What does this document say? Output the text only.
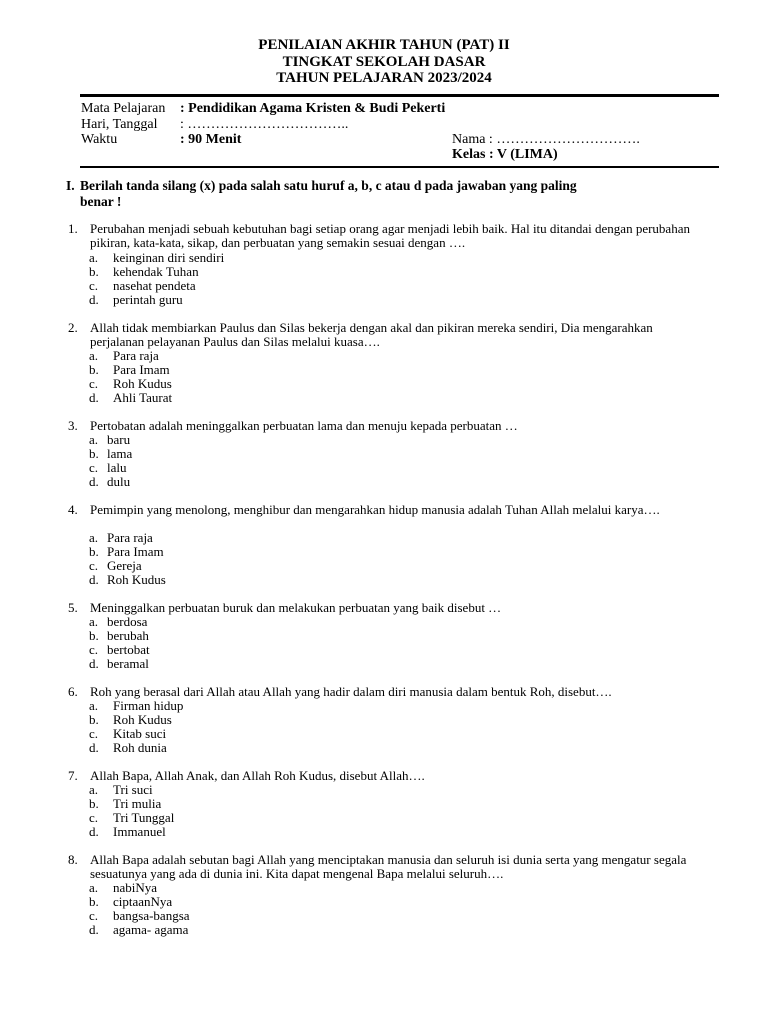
PENILAIAN AKHIR TAHUN (PAT) II
TINGKAT SEKOLAH DASAR
TAHUN PELAJARAN 2023/2024
Mata Pelajaran : Pendidikan Agama Kristen & Budi Pekerti
Hari, Tanggal : ……………………………..
Waktu	: 90 Menit	Nama : ………………………….
Kelas : V (LIMA)
I. Berilah tanda silang (x) pada salah satu huruf a, b, c atau d pada jawaban yang paling
benar !
1. Perubahan menjadi sebuah kebutuhan bagi setiap orang agar menjadi lebih baik. Hal itu ditandai dengan perubahan pikiran, kata-kata, sikap, dan perbuatan yang semakin sesuai dengan ….
a. keinginan diri sendiri
b. kehendak Tuhan
c. nasehat pendeta
d. perintah guru
2. Allah tidak membiarkan Paulus dan Silas bekerja dengan akal dan pikiran mereka sendiri, Dia mengarahkan perjalanan pelayanan Paulus dan Silas melalui kuasa….
a. Para raja
b. Para Imam
c. Roh Kudus
d. Ahli Taurat
3. Pertobatan adalah meninggalkan perbuatan lama dan menuju kepada perbuatan …
a. baru
b. lama
c. lalu
d. dulu
4. Pemimpin yang menolong, menghibur dan mengarahkan hidup manusia adalah Tuhan Allah melalui karya….
a. Para raja
b. Para Imam
c. Gereja
d. Roh Kudus
5. Meninggalkan perbuatan buruk dan melakukan perbuatan yang baik disebut …
a. berdosa
b. berubah
c. bertobat
d. beramal
6. Roh yang berasal dari Allah atau Allah yang hadir dalam diri manusia dalam bentuk Roh, disebut….
a. Firman hidup
b. Roh Kudus
c. Kitab suci
d. Roh dunia
7. Allah Bapa, Allah Anak, dan Allah Roh Kudus, disebut Allah….
a. Tri suci
b. Tri mulia
c. Tri Tunggal
d. Immanuel
8. Allah Bapa adalah sebutan bagi Allah yang menciptakan manusia dan seluruh isi dunia serta yang mengatur segala sesuatunya yang ada di dunia ini. Kita dapat mengenal Bapa melalui seluruh….
a. nabiNya
b. ciptaanNya
c. bangsa-bangsa
d. agama- agama
